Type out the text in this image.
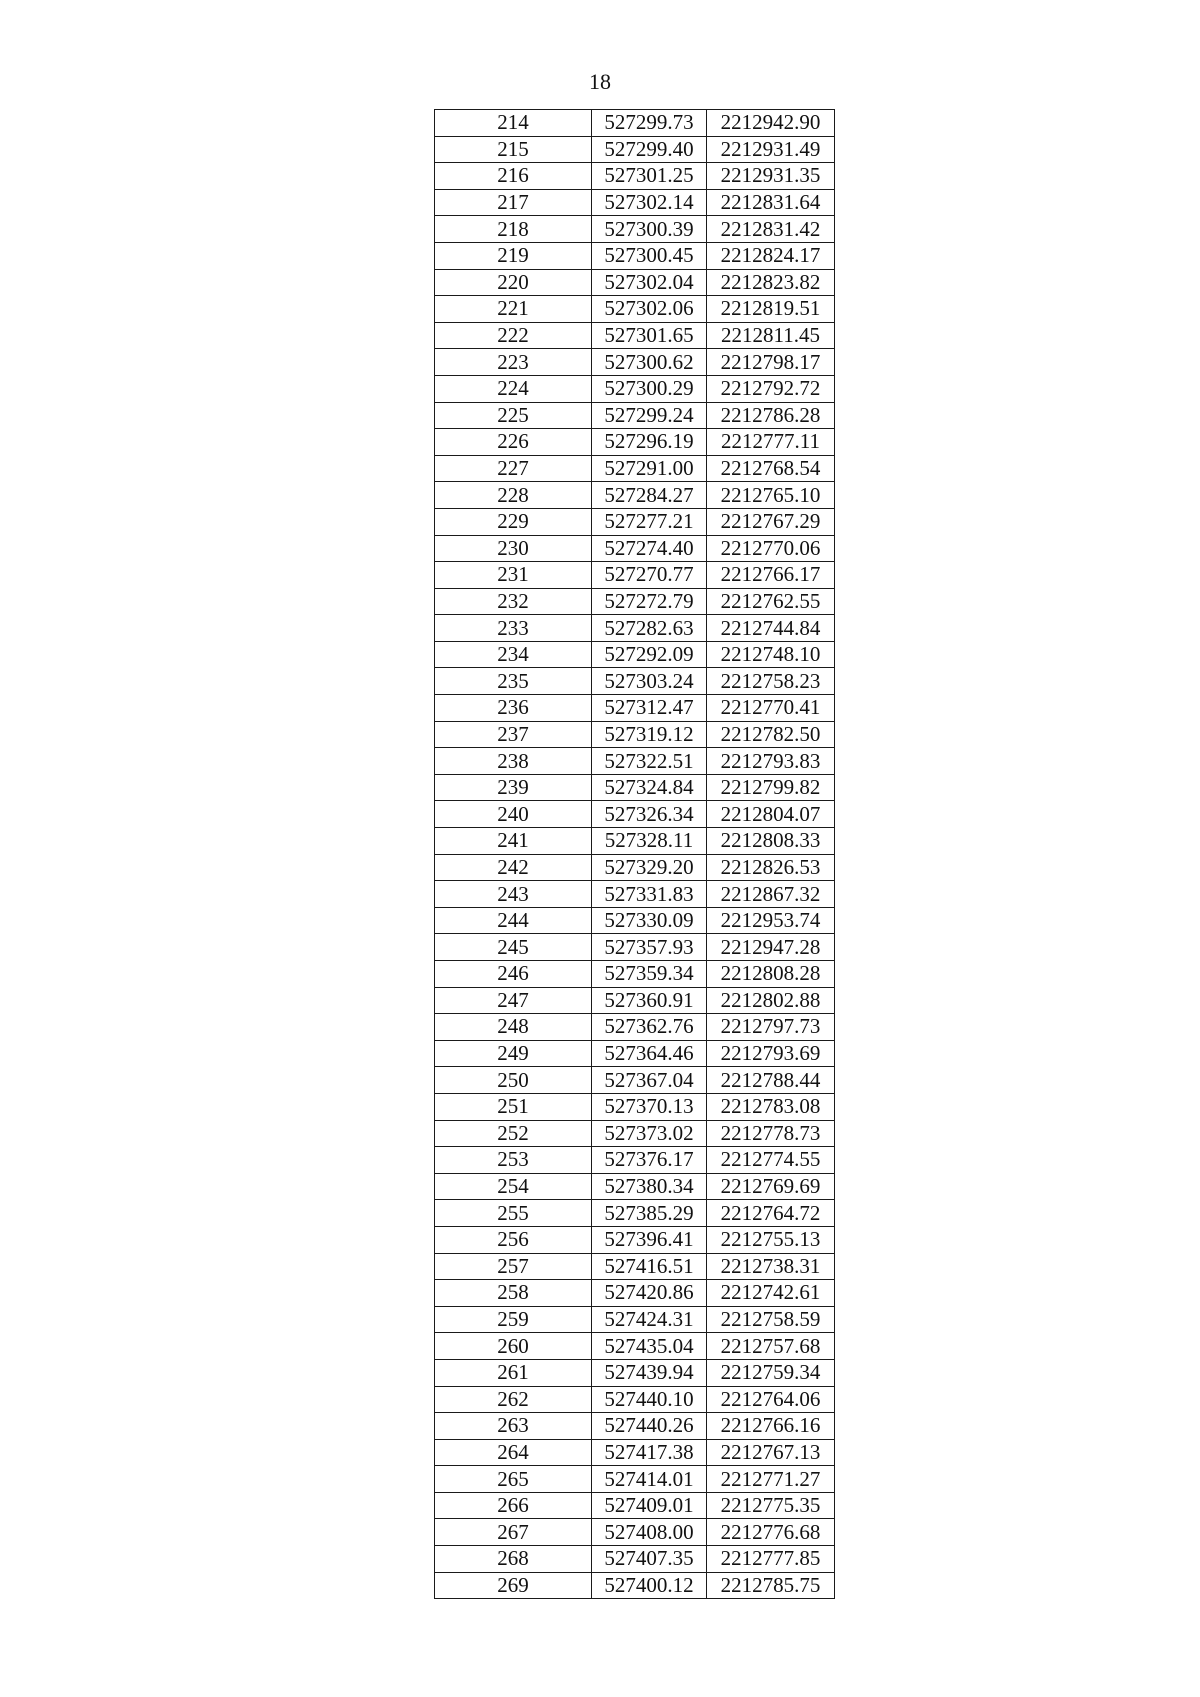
18
214	527299.73	2212942.90
215	527299.40	2212931.49
216	527301.25	2212931.35
217	527302.14	2212831.64
218	527300.39	2212831.42
219	527300.45	2212824.17
220	527302.04	2212823.82
221	527302.06	2212819.51
222	527301.65	2212811.45
223	527300.62	2212798.17
224	527300.29	2212792.72
225	527299.24	2212786.28
226	527296.19	2212777.11
227	527291.00	2212768.54
228	527284.27	2212765.10
229	527277.21	2212767.29
230	527274.40	2212770.06
231	527270.77	2212766.17
232	527272.79	2212762.55
233	527282.63	2212744.84
234	527292.09	2212748.10
235	527303.24	2212758.23
236	527312.47	2212770.41
237	527319.12	2212782.50
238	527322.51	2212793.83
239	527324.84	2212799.82
240	527326.34	2212804.07
241	527328.11	2212808.33
242	527329.20	2212826.53
243	527331.83	2212867.32
244	527330.09	2212953.74
245	527357.93	2212947.28
246	527359.34	2212808.28
247	527360.91	2212802.88
248	527362.76	2212797.73
249	527364.46	2212793.69
250	527367.04	2212788.44
251	527370.13	2212783.08
252	527373.02	2212778.73
253	527376.17	2212774.55
254	527380.34	2212769.69
255	527385.29	2212764.72
256	527396.41	2212755.13
257	527416.51	2212738.31
258	527420.86	2212742.61
259	527424.31	2212758.59
260	527435.04	2212757.68
261	527439.94	2212759.34
262	527440.10	2212764.06
263	527440.26	2212766.16
264	527417.38	2212767.13
265	527414.01	2212771.27
266	527409.01	2212775.35
267	527408.00	2212776.68
268	527407.35	2212777.85
269	527400.12	2212785.75
